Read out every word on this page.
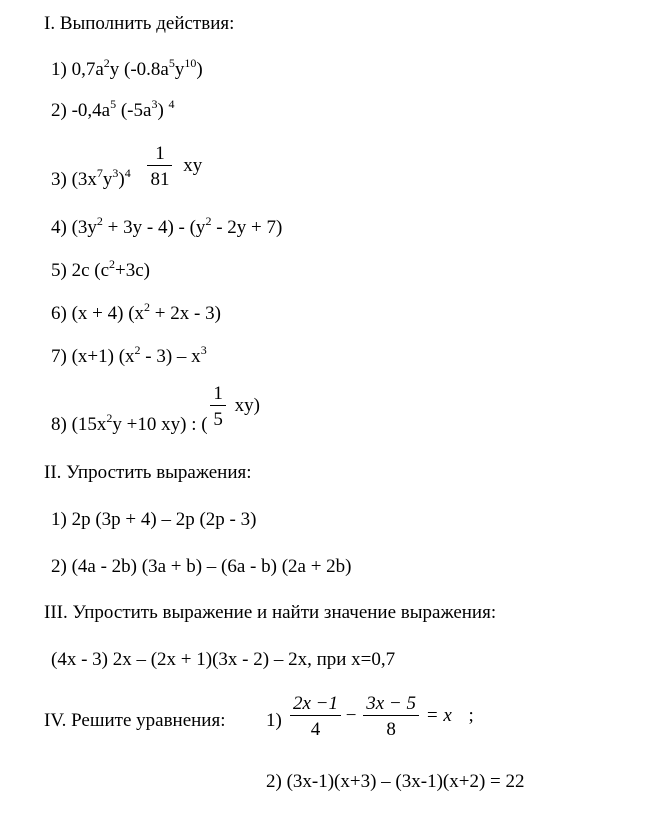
I. Выполнить действия:
1) $0,7a^2y$ $(-0.8a^5y^{10})$
2) $-0,4a^5$ $(-5a^3)$ $^4$
3) $(3x^7y^3)^4 \frac{1}{81}$ xy
4) $(3y^2 + 3y - 4) - (y^2 - 2y + 7)$
5) 2c $(c^2+3c)$
6) (x + 4) $(x^2 + 2x - 3)$
7) (x+1) $(x^2 - 3) - x^3$
8) ($15x^2y +10$ xy) : ( $\frac{1}{5} xy$)
II. Упростить выражения:
1) 2p (3p + 4) – 2p (2p - 3)
2) (4a - 2b) (3a + b) – (6a - b) (2a + 2b)
III. Упростить выражение и найти значение выражения:
(4x - 3) 2x – (2x + 1)(3x - 2) – 2x, при x=0,7
IV. Решите уравнения: $1) \frac{2x -1}{4} - \frac{3x - 5}{8} = x$ ;
2) (3x-1)(x+3) – (3x-1)(x+2) = 22
